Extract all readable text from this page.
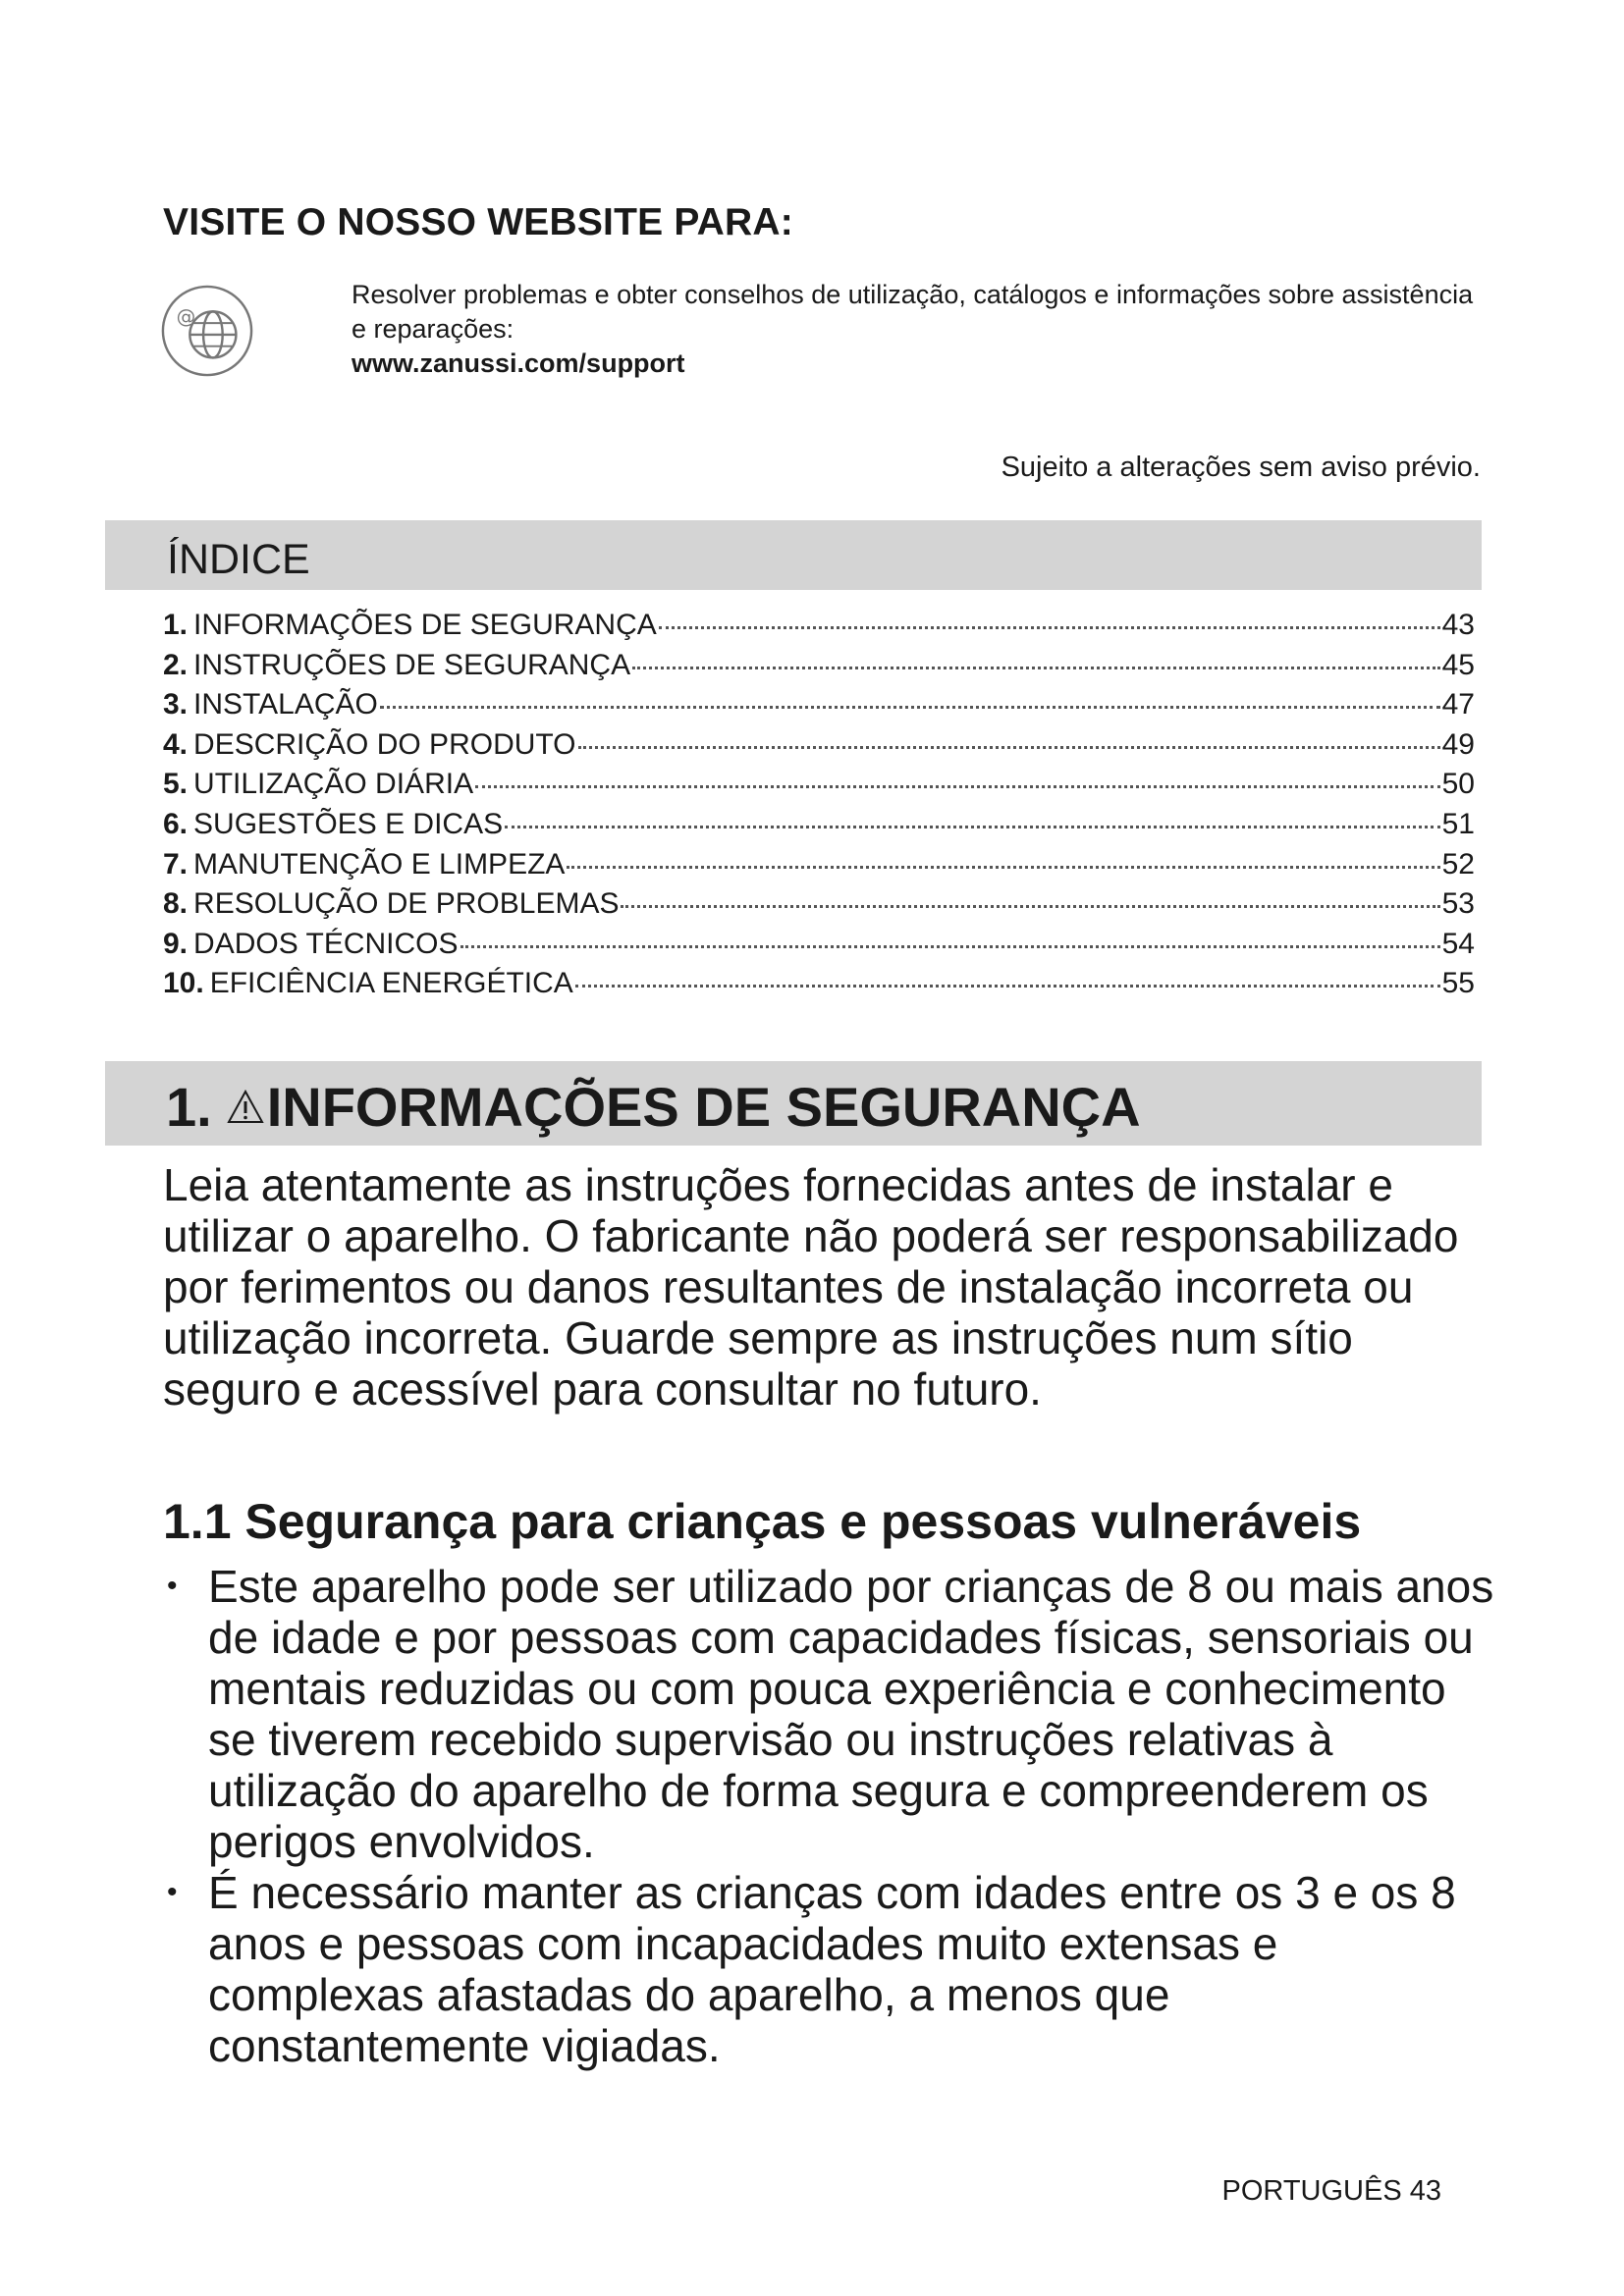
VISITE O NOSSO WEBSITE PARA:
@
Resolver problemas e obter conselhos de utilização, catálogos e informações sobre assistência e reparações:
www.zanussi.com/support
Sujeito a alterações sem aviso prévio.
ÍNDICE
1. INFORMAÇÕES DE SEGURANÇA	43
2. INSTRUÇÕES DE SEGURANÇA	45
3. INSTALAÇÃO	47
4. DESCRIÇÃO DO PRODUTO	49
5. UTILIZAÇÃO DIÁRIA	50
6. SUGESTÕES E DICAS	51
7. MANUTENÇÃO E LIMPEZA	52
8. RESOLUÇÃO DE PROBLEMAS	53
9. DADOS TÉCNICOS	54
10. EFICIÊNCIA ENERGÉTICA	55
1. INFORMAÇÕES DE SEGURANÇA

Leia atentamente as instruções fornecidas antes de instalar e utilizar o aparelho. O fabricante não poderá ser responsabilizado por ferimentos ou danos resultantes de instalação incorreta ou utilização incorreta. Guarde sempre as instruções num sítio seguro e acessível para consultar no futuro.

1.1 Segurança para crianças e pessoas vulneráveis
• Este aparelho pode ser utilizado por crianças de 8 ou mais anos de idade e por pessoas com capacidades físicas, sensoriais ou mentais reduzidas ou com pouca experiência e conhecimento se tiverem recebido supervisão ou instruções relativas à utilização do aparelho de forma segura e compreenderem os perigos envolvidos.
• É necessário manter as crianças com idades entre os 3 e os 8 anos e pessoas com incapacidades muito extensas e complexas afastadas do aparelho, a menos que constantemente vigiadas.
PORTUGUÊS 43
